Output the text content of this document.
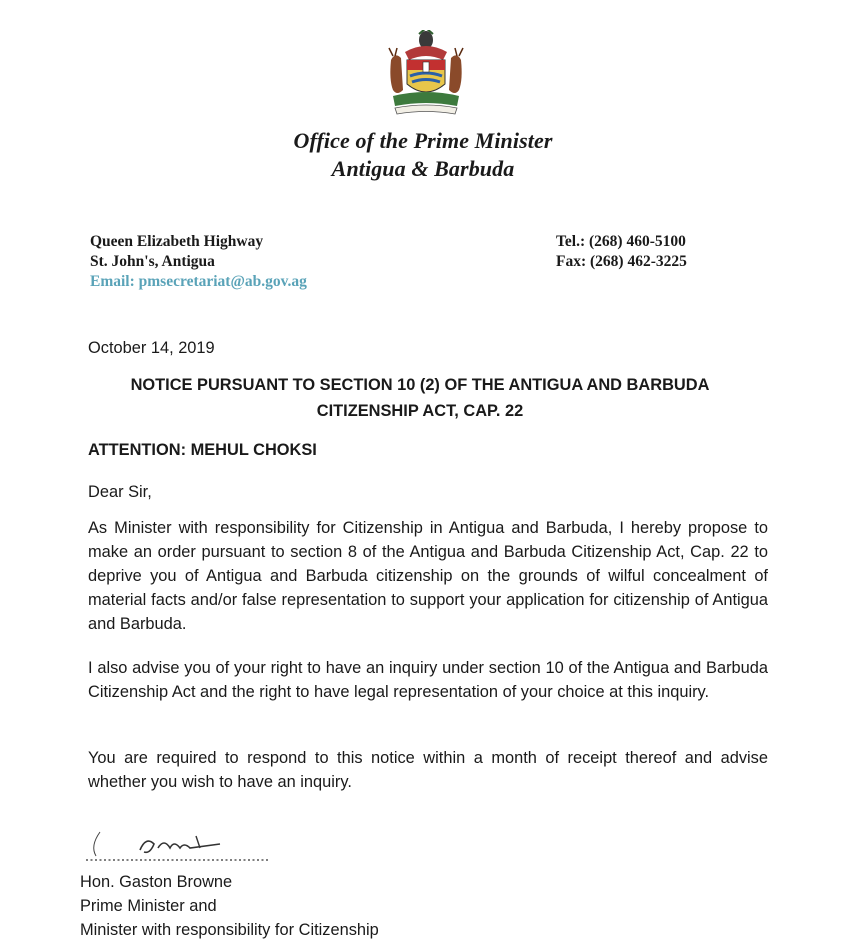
Office of the Prime Minister
Antigua & Barbuda
Queen Elizabeth Highway
St. John's, Antigua
Email: pmsecretariat@ab.gov.ag
Tel.: (268) 460-5100
Fax: (268) 462-3225
October 14, 2019
NOTICE PURSUANT TO SECTION 10 (2) OF THE ANTIGUA AND BARBUDA
CITIZENSHIP ACT, CAP. 22
ATTENTION: MEHUL CHOKSI
Dear Sir,
As Minister with responsibility for Citizenship in Antigua and Barbuda, I hereby propose to make an order pursuant to section 8 of the Antigua and Barbuda Citizenship Act, Cap. 22 to deprive you of Antigua and Barbuda citizenship on the grounds of wilful concealment of material facts and/or false representation to support your application for citizenship of Antigua and Barbuda.
I also advise you of your right to have an inquiry under section 10 of the Antigua and Barbuda Citizenship Act and the right to have legal representation of your choice at this inquiry.
You are required to respond to this notice within a month of receipt thereof and advise whether you wish to have an inquiry.
Hon. Gaston Browne
Prime Minister and
Minister with responsibility for Citizenship
